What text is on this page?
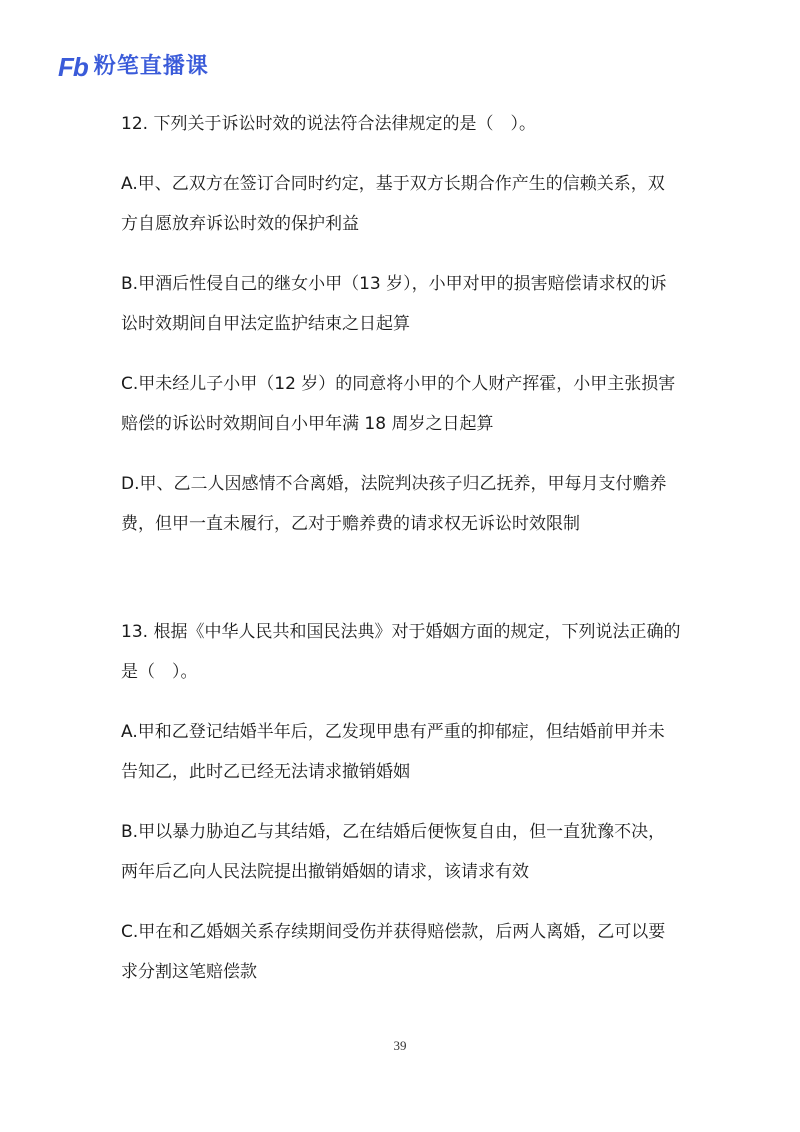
Fb 粉笔直播课

12. 下列关于诉讼时效的说法符合法律规定的是（　）。

A.甲、乙双方在签订合同时约定，基于双方长期合作产生的信赖关系，双方自愿放弃诉讼时效的保护利益

B.甲酒后性侵自己的继女小甲（13 岁），小甲对甲的损害赔偿请求权的诉讼时效期间自甲法定监护结束之日起算

C.甲未经儿子小甲（12 岁）的同意将小甲的个人财产挥霍，小甲主张损害赔偿的诉讼时效期间自小甲年满 18 周岁之日起算

D.甲、乙二人因感情不合离婚，法院判决孩子归乙抚养，甲每月支付赡养费，但甲一直未履行，乙对于赡养费的请求权无诉讼时效限制

13. 根据《中华人民共和国民法典》对于婚姻方面的规定，下列说法正确的是（　）。

A.甲和乙登记结婚半年后，乙发现甲患有严重的抑郁症，但结婚前甲并未告知乙，此时乙已经无法请求撤销婚姻

B.甲以暴力胁迫乙与其结婚，乙在结婚后便恢复自由，但一直犹豫不决，两年后乙向人民法院提出撤销婚姻的请求，该请求有效

C.甲在和乙婚姻关系存续期间受伤并获得赔偿款，后两人离婚，乙可以要求分割这笔赔偿款

39
